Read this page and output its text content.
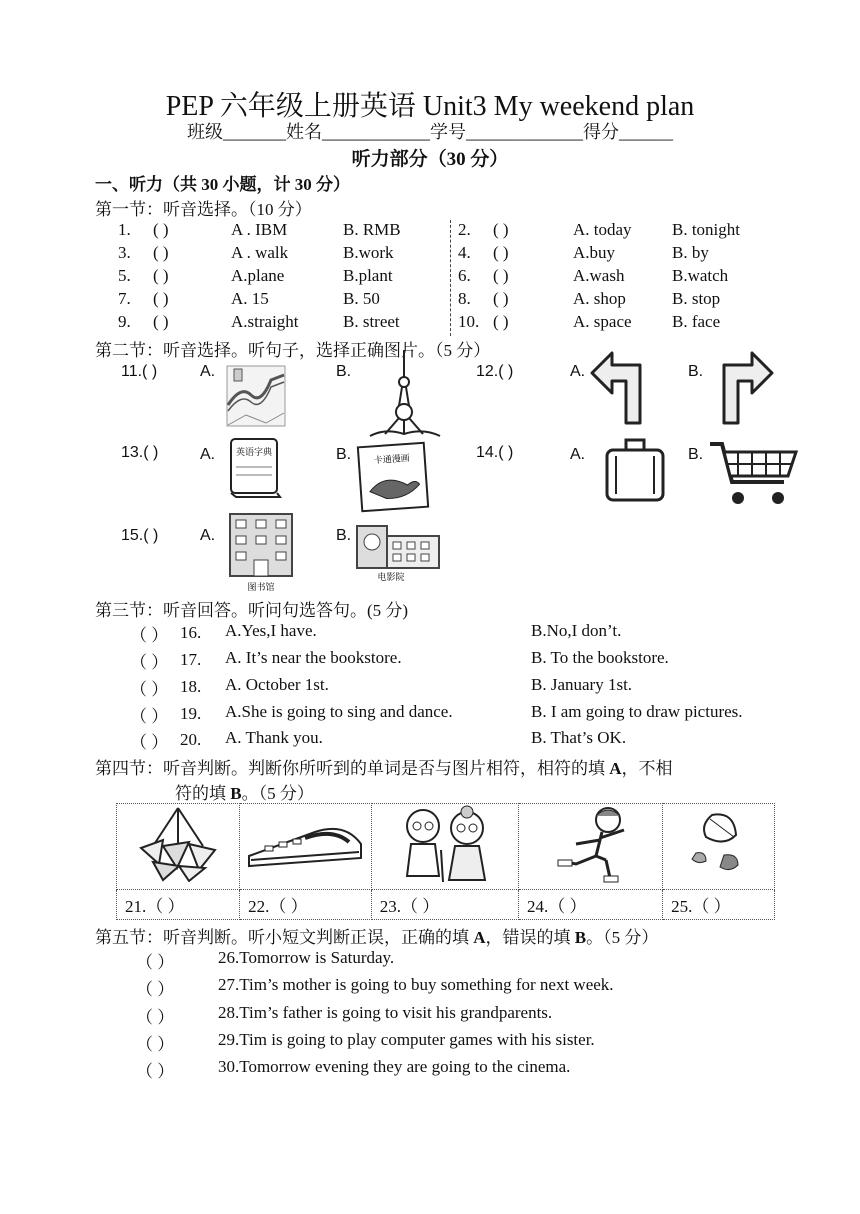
PEP 六年级上册英语 Unit3 My weekend plan
班级_______姓名____________学号_____________得分______
听力部分（30 分）
一、听力（共 30 小题，计 30 分）
第一节：听音选择。（10 分）
1. ( )	A . IBM	B. RMB	2. ( )	A. today B. tonight
3. ( )	A . walk	B.work	4. ( )	A.buy	B. by
5. ( )	A.plane	B.plant	6. ( )	A.wash	B.watch
7. ( )	A. 15	B. 50	8. ( )	A. shop	B. stop
9. ( )	A.straight	B. street	10. ( )	A. space B. face
第二节：听音选择。听句子，选择正确图片。（5 分）
11.( )	A.	B.	12.( )	A.	B.
13.( )	A. 英语字典	B. 卡通漫画	14.( )	A.	B.
15.( )	A.
图书馆
B.
电影院
第三节：听音回答。听问句选答句。(5 分)
（ ） 16. A.Yes,I have.	B.No,I don’t.
（ ） 17. A. It’s near the bookstore.	B. To the bookstore.
（ ） 18. A. October 1st.	B. January 1st.
（ ） 19. A.She is going to sing and dance.	B. I am going to draw pictures.
（ ） 20. A. Thank you.	B. That’s OK.
第四节：听音判断。判断你所听到的单词是否与图片相符，相符的填 A，不相
符的填 B。（5 分）

21.（ ）	22.（ ）	23.（ ）	24.（ ）	25.（ ）
第五节：听音判断。听小短文判断正误，正确的填 A，错误的填 B。（5 分）
（ ）	26.Tomorrow is Saturday.
（ ）	27.Tim’s mother is going to buy something for next week.
（ ）	28.Tim’s father is going to visit his grandparents.
（ ）	29.Tim is going to play computer games with his sister.
（ ）	30.Tomorrow evening they are going to the cinema.
